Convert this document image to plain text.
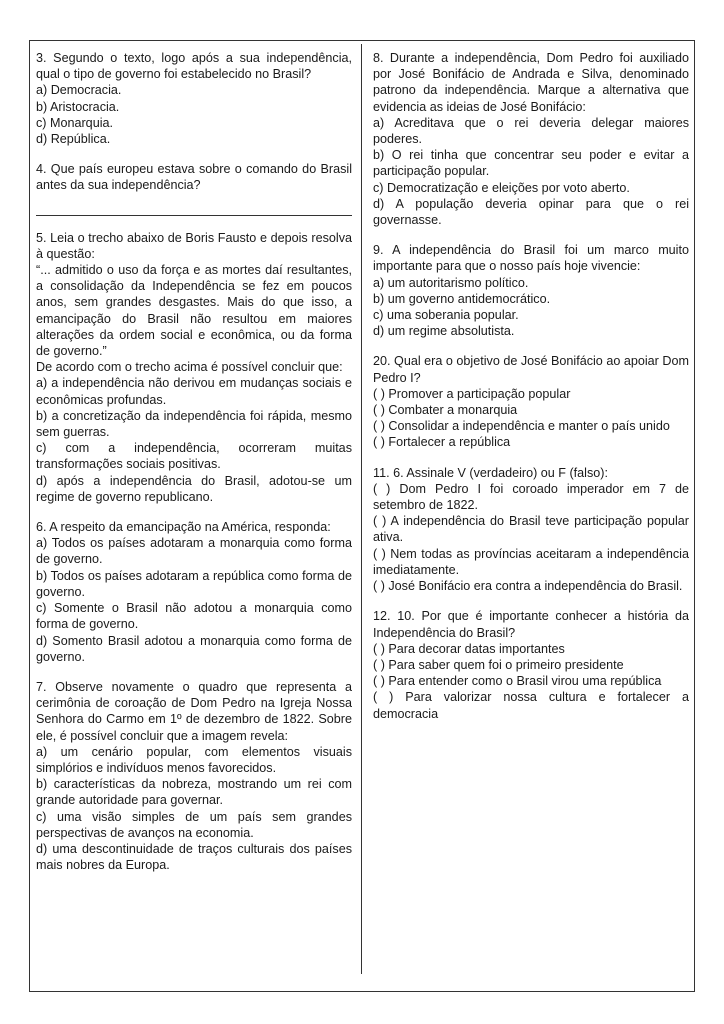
3. Segundo o texto, logo após a sua independência, qual o tipo de governo foi estabelecido no Brasil?

a) Democracia.

b) Aristocracia.

c) Monarquia.

d) República.

4. Que país europeu estava sobre o comando do Brasil antes da sua independência?

5. Leia o trecho abaixo de Boris Fausto e depois resolva à questão:

“... admitido o uso da força e as mortes daí resultantes, a consolidação da Independência se fez em poucos anos, sem grandes desgastes. Mais do que isso, a emancipação do Brasil não resultou em maiores alterações da ordem social e econômica, ou da forma de governo.”

De acordo com o trecho acima é possível concluir que:

a) a independência não derivou em mudanças sociais e econômicas profundas.

b) a concretização da independência foi rápida, mesmo sem guerras.

c) com a independência, ocorreram muitas transformações sociais positivas.

d) após a independência do Brasil, adotou-se um regime de governo republicano.

6. A respeito da emancipação na América, responda:

a) Todos os países adotaram a monarquia como forma de governo.

b) Todos os países adotaram a república como forma de governo.

c) Somente o Brasil não adotou a monarquia como forma de governo.

d) Somento Brasil adotou a monarquia como forma de governo.

7. Observe novamente o quadro que representa a cerimônia de coroação de Dom Pedro na Igreja Nossa Senhora do Carmo em 1º de dezembro de 1822. Sobre ele, é possível concluir que a imagem revela:

a) um cenário popular, com elementos visuais simplórios e indivíduos menos favorecidos.

b) características da nobreza, mostrando um rei com grande autoridade para governar.

c) uma visão simples de um país sem grandes perspectivas de avanços na economia.

d) uma descontinuidade de traços culturais dos países mais nobres da Europa.

8. Durante a independência, Dom Pedro foi auxiliado por José Bonifácio de Andrada e Silva, denominado patrono da independência. Marque a alternativa que evidencia as ideias de José Bonifácio:

a) Acreditava que o rei deveria delegar maiores poderes.

b) O rei tinha que concentrar seu poder e evitar a participação popular.

c) Democratização e eleições por voto aberto.

d) A população deveria opinar para que o rei governasse.

9. A independência do Brasil foi um marco muito importante para que o nosso país hoje vivencie:

a) um autoritarismo político.

b) um governo antidemocrático.

c) uma soberania popular.

d) um regime absolutista.

20. Qual era o objetivo de José Bonifácio ao apoiar Dom Pedro I?

( ) Promover a participação popular

( ) Combater a monarquia

( ) Consolidar a independência e manter o país unido

( ) Fortalecer a república

11. 6. Assinale V (verdadeiro) ou F (falso):

( ) Dom Pedro I foi coroado imperador em 7 de setembro de 1822.

( ) A independência do Brasil teve participação popular ativa.

( ) Nem todas as províncias aceitaram a independência imediatamente.

( ) José Bonifácio era contra a independência do Brasil.

12. 10. Por que é importante conhecer a história da Independência do Brasil?

( ) Para decorar datas importantes

( ) Para saber quem foi o primeiro presidente

( ) Para entender como o Brasil virou uma república

( ) Para valorizar nossa cultura e fortalecer a democracia
